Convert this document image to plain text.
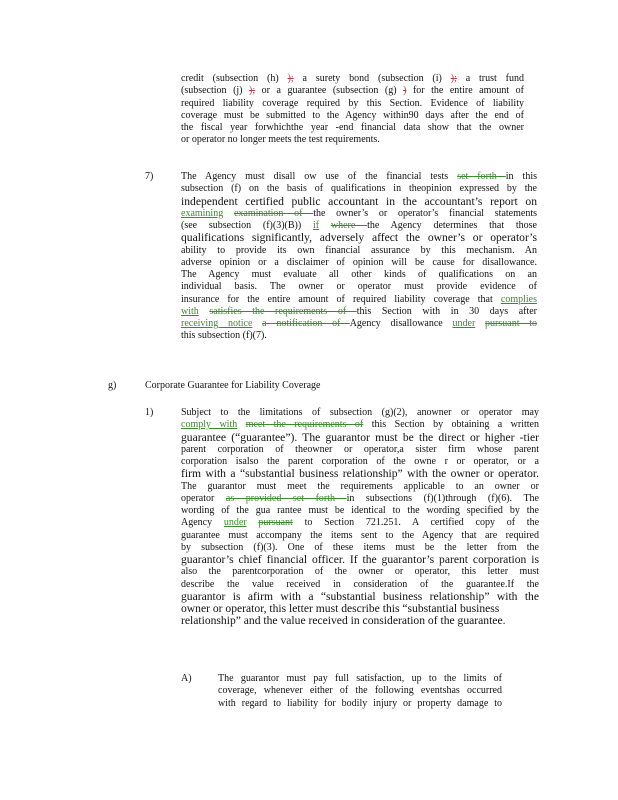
credit (subsection (h) ); a surety bond (subsection (i) ); a trust fund
(subsection (j) ); or a guarantee (subsection (g) ) for the entire amount of
required liability coverage required by this Section. Evidence of liability
coverage must be submitted to the Agency within90 days after the end of
the fiscal year forwhichthe year -end financial data show that the owner
or operator no longer meets the test requirements.
7)	The Agency must disall ow use of the financial tests set forth in this
subsection (f) on the basis of qualifications in theopinion expressed by the
independent certified public accountant in the accountant’s report on
examining examination of the owner’s or operator’s financial statements
(see subsection (f)(3)(B)) if where the Agency determines that those
qualifications significantly, adversely affect the owner’s or operator’s
ability to provide its own financial assurance by this mechanism. An
adverse opinion or a disclaimer of opinion will be cause for disallowance.
The Agency must evaluate all other kinds of qualifications on an
individual basis. The owner or operator must provide evidence of
insurance for the entire amount of required liability coverage that complies
with satisfies the requirements of this Section with in 30 days after
receiving notice a notification of Agency disallowance under pursuant to
this subsection (f)(7).
g)	Corporate Guarantee for Liability Coverage
1)	Subject to the limitations of subsection (g)(2), anowner or operator may
comply with meet the requirements of this Section by obtaining a written
guarantee (“guarantee”). The guarantor must be the direct or higher -tier
parent corporation of theowner or operator,a sister firm whose parent
corporation isalso the parent corporation of the owne r or operator, or a
firm with a “substantial business relationship” with the owner or operator.
The guarantor must meet the requirements applicable to an owner or
operator as provided set forth in subsections (f)(1)through (f)(6). The
wording of the gua rantee must be identical to the wording specified by the
Agency under pursuant to Section 721.251. A certified copy of the
guarantee must accompany the items sent to the Agency that are required
by subsection (f)(3). One of these items must be the letter from the
guarantor’s chief financial officer. If the guarantor’s parent corporation is
also the parentcorporation of the owner or operator, this letter must
describe the value received in consideration of the guarantee.If the
guarantor is afirm with a “substantial business relationship” with the
owner or operator, this letter must describe this “substantial business
relationship” and the value received in consideration of the guarantee.
A)	The guarantor must pay full satisfaction, up to the limits of
coverage, whenever either of the following eventshas occurred
with regard to liability for bodily injury or property damage to
